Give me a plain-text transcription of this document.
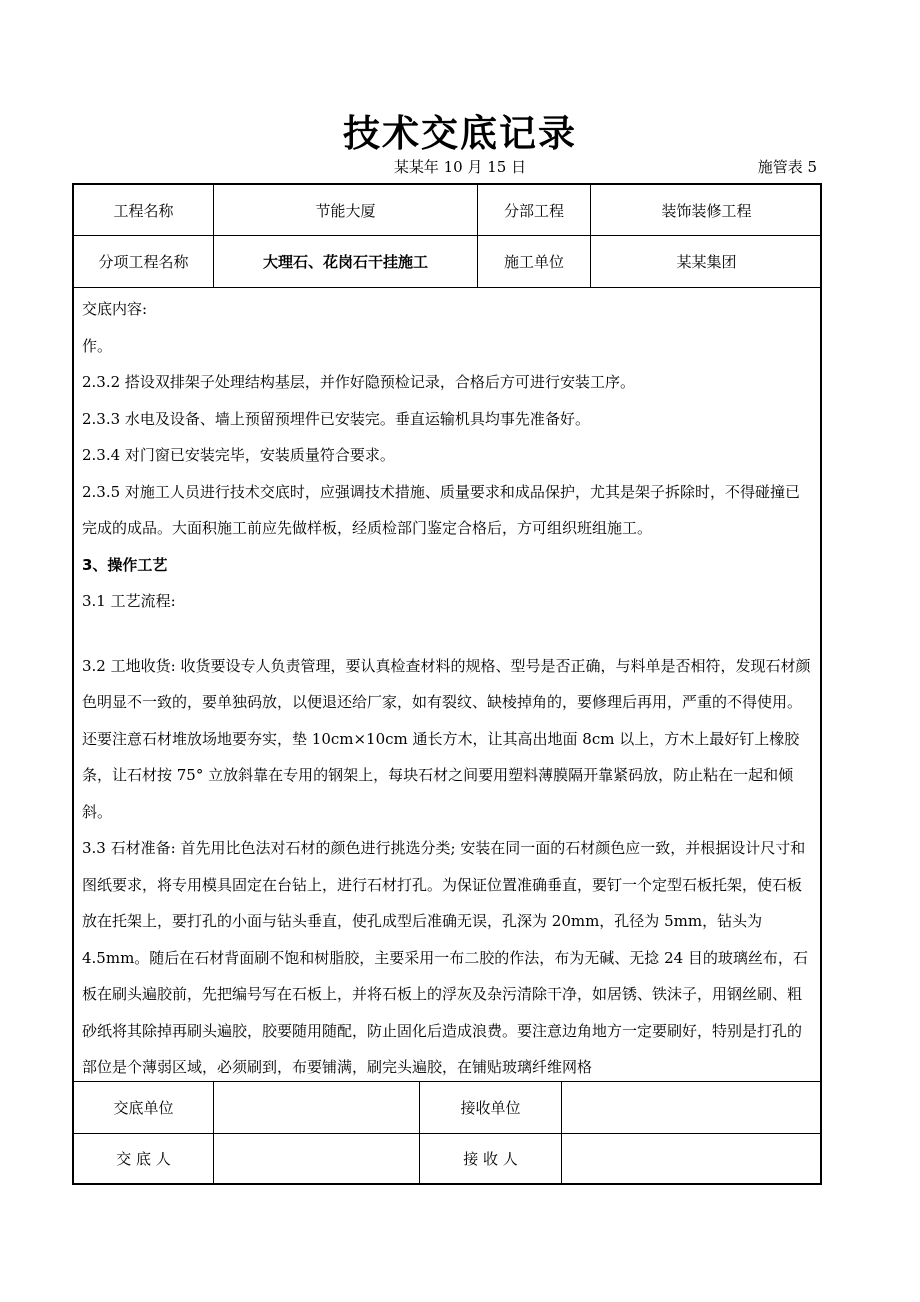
技术交底记录
某某年 10 月 15 日	施管表 5
工程名称	节能大厦	分部工程	装饰装修工程
分项工程名称	大理石、花岗石干挂施工	施工单位	某某集团

交底内容:

作。

2.3.2 搭设双排架子处理结构基层，并作好隐预检记录，合格后方可进行安装工序。

2.3.3 水电及设备、墙上预留预埋件已安装完。垂直运输机具均事先准备好。

2.3.4 对门窗已安装完毕，安装质量符合要求。

2.3.5 对施工人员进行技术交底时，应强调技术措施、质量要求和成品保护，尤其是架子拆除时，不得碰撞已完成的成品。大面积施工前应先做样板，经质检部门鉴定合格后，方可组织班组施工。

3、操作工艺

3.1 工艺流程:

3.2 工地收货: 收货要设专人负责管理，要认真检查材料的规格、型号是否正确，与料单是否相符，发现石材颜色明显不一致的，要单独码放，以便退还给厂家，如有裂纹、缺棱掉角的，要修理后再用，严重的不得使用。还要注意石材堆放场地要夯实，垫 10cm×10cm 通长方木，让其高出地面 8cm 以上，方木上最好钉上橡胶条，让石材按 75° 立放斜靠在专用的钢架上，每块石材之间要用塑料薄膜隔开靠紧码放，防止粘在一起和倾斜。

3.3 石材准备: 首先用比色法对石材的颜色进行挑选分类; 安装在同一面的石材颜色应一致，并根据设计尺寸和图纸要求，将专用模具固定在台钻上，进行石材打孔。为保证位置准确垂直，要钉一个定型石板托架，使石板放在托架上，要打孔的小面与钻头垂直，使孔成型后准确无误，孔深为 20mm，孔径为 5mm，钻头为 4.5mm。随后在石材背面刷不饱和树脂胶，主要采用一布二胶的作法，布为无碱、无捻 24 目的玻璃丝布，石板在刷头遍胶前，先把编号写在石板上，并将石板上的浮灰及杂污清除干净，如居锈、铁沫子，用钢丝刷、粗砂纸将其除掉再刷头遍胶，胶要随用随配，防止固化后造成浪费。要注意边角地方一定要刷好，特别是打孔的部位是个薄弱区域，必须刷到，布要铺满，刷完头遍胶，在铺贴玻璃纤维网格

交底单位	接收单位
交 底 人	接 收 人
